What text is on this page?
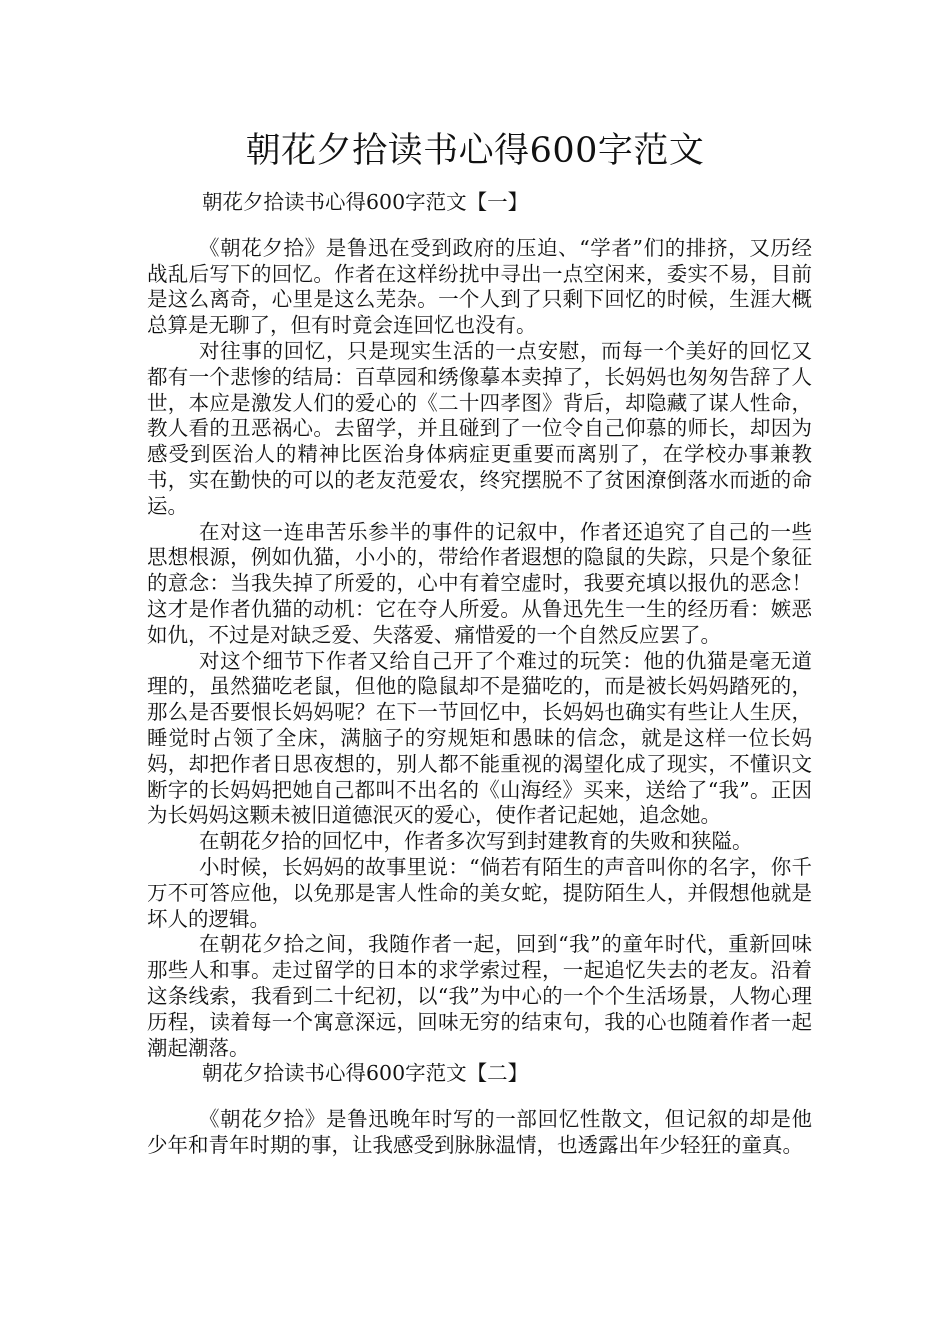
朝花夕拾读书心得600字范文
朝花夕拾读书心得600字范文【一】

《朝花夕拾》是鲁迅在受到政府的压迫、“学者”们的排挤，又历经战乱后写下的回忆。作者在这样纷扰中寻出一点空闲来，委实不易，目前是这么离奇，心里是这么芜杂。一个人到了只剩下回忆的时候，生涯大概总算是无聊了，但有时竟会连回忆也没有。

对往事的回忆，只是现实生活的一点安慰，而每一个美好的回忆又都有一个悲惨的结局：百草园和绣像摹本卖掉了，长妈妈也匆匆告辞了人世，本应是激发人们的爱心的《二十四孝图》背后，却隐藏了谋人性命，教人看的丑恶祸心。去留学，并且碰到了一位令自己仰慕的师长，却因为感受到医治人的精神比医治身体病症更重要而离别了，在学校办事兼教书，实在勤快的可以的老友范爱农，终究摆脱不了贫困潦倒落水而逝的命运。

在对这一连串苦乐参半的事件的记叙中，作者还追究了自己的一些思想根源，例如仇猫，小小的，带给作者遐想的隐鼠的失踪，只是个象征的意念：当我失掉了所爱的，心中有着空虚时，我要充填以报仇的恶念！这才是作者仇猫的动机：它在夺人所爱。从鲁迅先生一生的经历看：嫉恶如仇，不过是对缺乏爱、失落爱、痛惜爱的一个自然反应罢了。

对这个细节下作者又给自己开了个难过的玩笑：他的仇猫是毫无道理的，虽然猫吃老鼠，但他的隐鼠却不是猫吃的，而是被长妈妈踏死的，那么是否要恨长妈妈呢？在下一节回忆中，长妈妈也确实有些让人生厌，睡觉时占领了全床，满脑子的穷规矩和愚昧的信念，就是这样一位长妈妈，却把作者日思夜想的，别人都不能重视的渴望化成了现实，不懂识文断字的长妈妈把她自己都叫不出名的《山海经》买来，送给了“我”。正因为长妈妈这颗未被旧道德泯灭的爱心，使作者记起她，追念她。

在朝花夕拾的回忆中，作者多次写到封建教育的失败和狭隘。

小时候，长妈妈的故事里说：“倘若有陌生的声音叫你的名字，你千万不可答应他，以免那是害人性命的美女蛇，提防陌生人，并假想他就是坏人的逻辑。

在朝花夕拾之间，我随作者一起，回到“我”的童年时代，重新回味那些人和事。走过留学的日本的求学索过程，一起追忆失去的老友。沿着这条线索，我看到二十纪初，以“我”为中心的一个个生活场景，人物心理历程，读着每一个寓意深远，回味无穷的结束句，我的心也随着作者一起潮起潮落。

朝花夕拾读书心得600字范文【二】

《朝花夕拾》是鲁迅晚年时写的一部回忆性散文，但记叙的却是他少年和青年时期的事，让我感受到脉脉温情，也透露出年少轻狂的童真。
